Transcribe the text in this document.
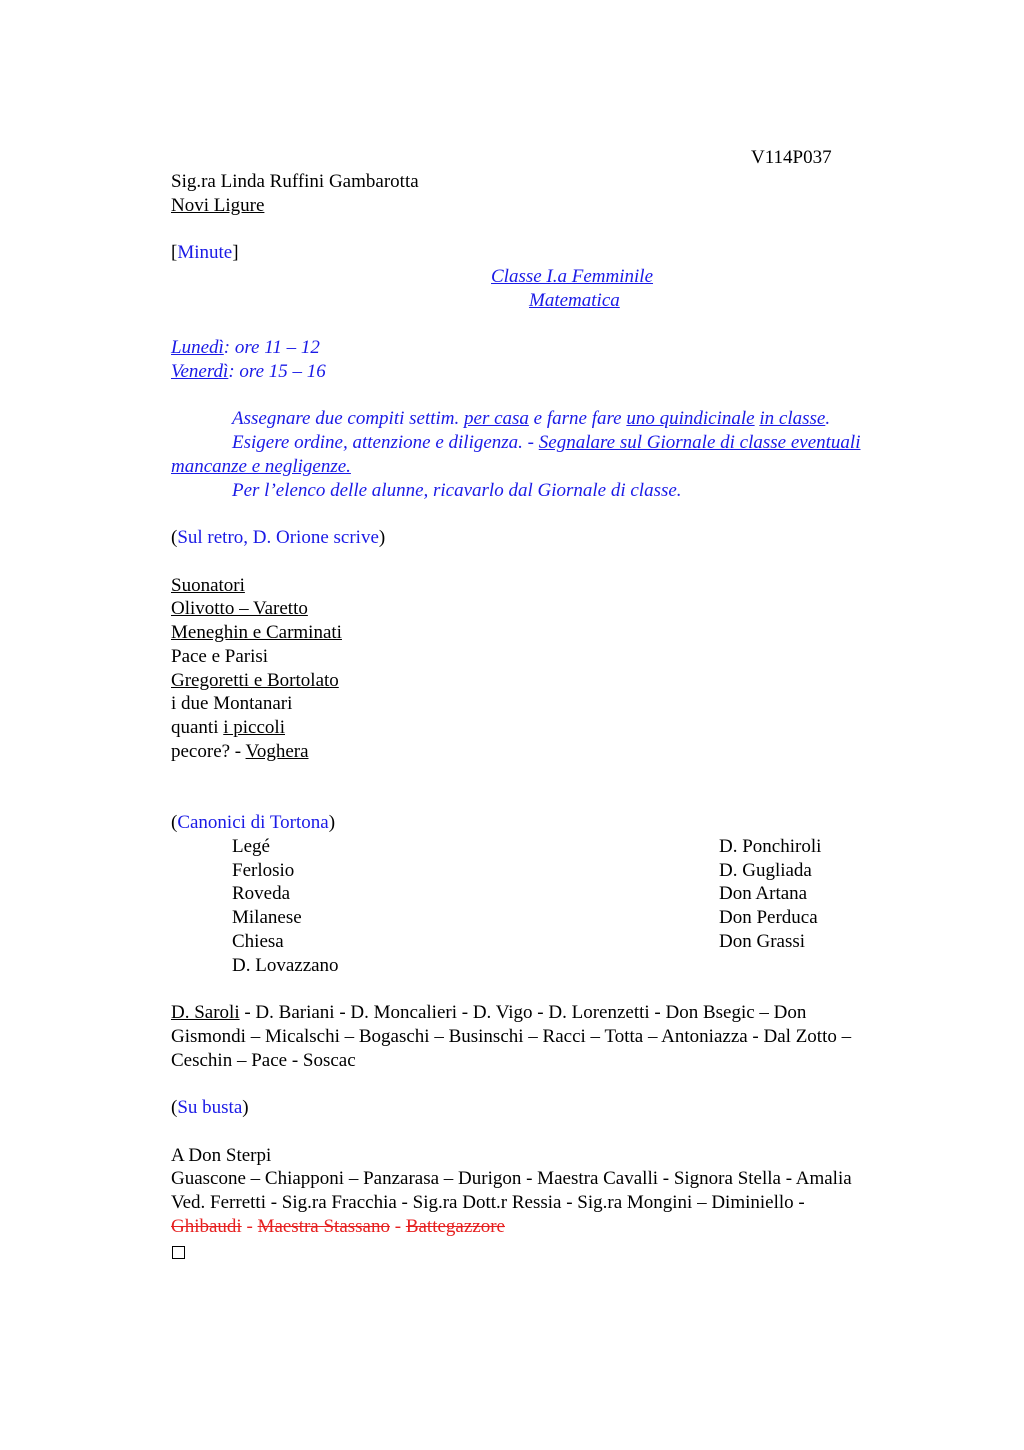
V114P037
Sig.ra Linda Ruffini Gambarotta
Novi Ligure
[Minute]
Classe I.a Femminile
Matematica
Lunedì: ore 11 – 12
Venerdì: ore 15 – 16
Assegnare due compiti settim. per casa e farne fare uno quindicinale in classe.
Esigere ordine, attenzione e diligenza. - Segnalare sul Giornale di classe eventuali
mancanze e negligenze.
Per l’elenco delle alunne, ricavarlo dal Giornale di classe.
(Sul retro, D. Orione scrive)
Suonatori
Olivotto – Varetto
Meneghin e Carminati
Pace e Parisi
Gregoretti e Bortolato
i due Montanari
quanti i piccoli
pecore? - Voghera
(Canonici di Tortona)
Legé
Ferlosio
Roveda
Milanese
Chiesa
D. Lovazzano
D. Ponchiroli
D. Gugliada
Don Artana
Don Perduca
Don Grassi
D. Saroli - D. Bariani - D. Moncalieri - D. Vigo - D. Lorenzetti - Don Bsegic – Don
Gismondi – Micalschi – Bogaschi – Businschi – Racci – Totta – Antoniazza - Dal Zotto –
Ceschin – Pace - Soscac
(Su busta)
A Don Sterpi
Guascone – Chiapponi – Panzarasa – Durigon - Maestra Cavalli - Signora Stella - Amalia
Ved. Ferretti - Sig.ra Fracchia - Sig.ra Dott.r Ressia - Sig.ra Mongini – Diminiello -
Ghibaudi - Maestra Stassano - Battegazzore
